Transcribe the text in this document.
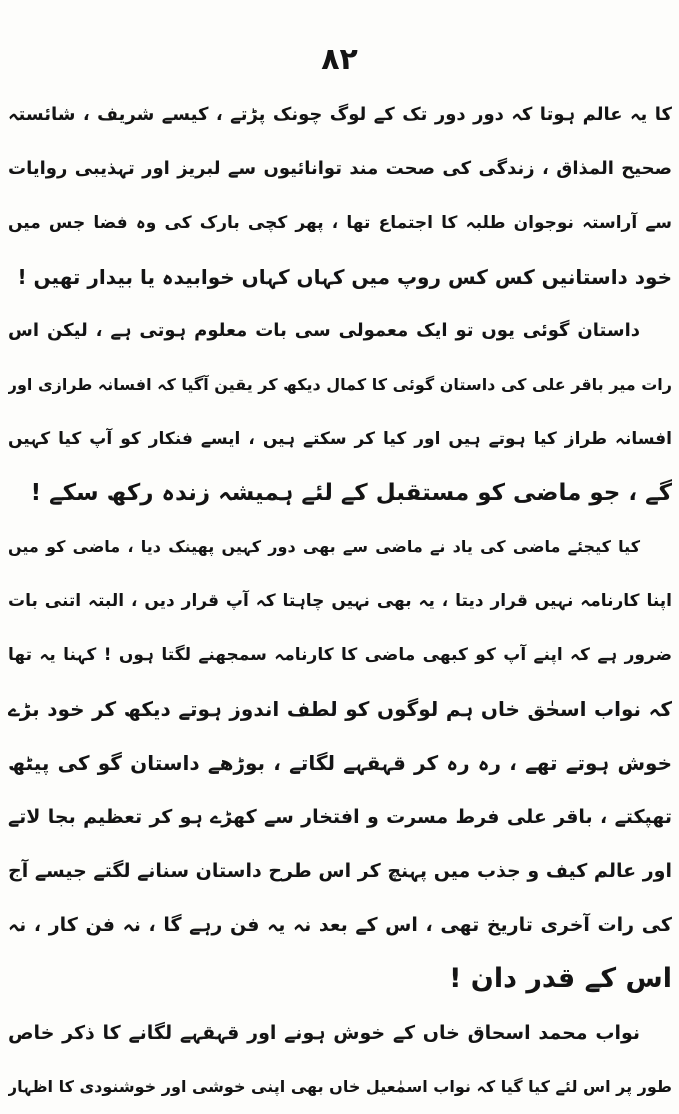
۸۲
کا یہ عالم ہوتا کہ دور دور تک کے لوگ چونک پڑتے ، کیسے شریف ، شائستہ
صحیح المذاق ، زندگی کی صحت مند توانائیوں سے لبریز اور تہذیبی روایات
سے آراستہ نوجوان طلبہ کا اجتماع تھا ، پھر کچی بارک کی وہ فضا جس میں
خود داستانیں کس کس روپ میں کہاں کہاں خوابیدہ یا بیدار تھیں !
داستان گوئی یوں تو ایک معمولی سی بات معلوم ہوتی ہے ، لیکن اس
رات میر باقر علی کی داستان گوئی کا کمال دیکھ کر یقین آگیا کہ افسانہ طرازی اور
افسانہ طراز کیا ہوتے ہیں اور کیا کر سکتے ہیں ، ایسے فنکار کو آپ کیا کہیں
گے ، جو ماضی کو مستقبل کے لئے ہمیشہ زندہ رکھ سکے !
کیا کیجئے ماضی کی یاد نے ماضی سے بھی دور کہیں پھینک دیا ، ماضی کو میں
اپنا کارنامہ نہیں قرار دیتا ، یہ بھی نہیں چاہتا کہ آپ قرار دیں ، البتہ اتنی بات
ضرور ہے کہ اپنے آپ کو کبھی ماضی کا کارنامہ سمجھنے لگتا ہوں ! کہنا یہ تھا
کہ نواب اسحٰق خاں ہم لوگوں کو لطف اندوز ہوتے دیکھ کر خود بڑے
خوش ہوتے تھے ، رہ رہ کر قہقہے لگاتے ، بوڑھے داستان گو کی پیٹھ
تھپکتے ، باقر علی فرط مسرت و افتخار سے کھڑے ہو کر تعظیم بجا لاتے
اور عالم کیف و جذب میں پہنچ کر اس طرح داستان سنانے لگتے جیسے آج
کی رات آخری تاریخ تھی ، اس کے بعد نہ یہ فن رہے گا ، نہ فن کار ، نہ
اس کے قدر دان !
نواب محمد اسحاق خاں کے خوش ہونے اور قہقہے لگانے کا ذکر خاص
طور پر اس لئے کیا گیا کہ نواب اسمٰعیل خاں بھی اپنی خوشی اور خوشنودی کا اظہار
